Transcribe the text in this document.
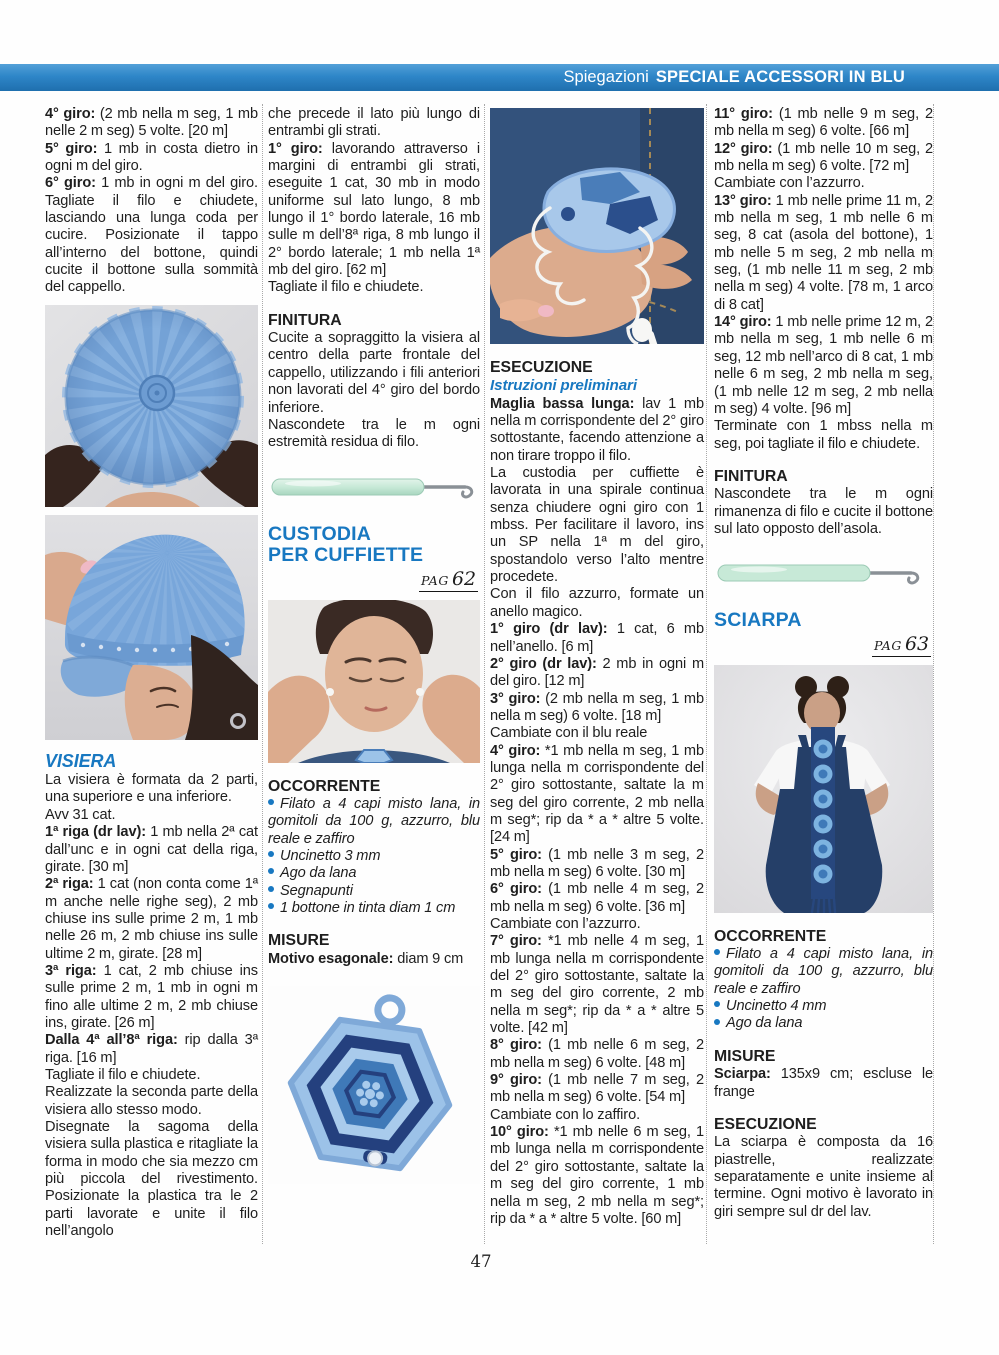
Spiegazioni SPECIALE ACCESSORI IN BLU

4° giro: (2 mb nella m seg, 1 mb nelle 2 m seg) 5 volte. [20 m]

5° giro: 1 mb in costa dietro in ogni m del giro.

6° giro: 1 mb in ogni m del giro. Tagliate il filo e chiudete, lasciando una lunga coda per cucire. Posizionate il tappo all’interno del bottone, quindi cucite il bottone sulla sommità del cappello.

VISIERA

La visiera è formata da 2 parti, una superiore e una inferiore.

Avv 31 cat.

1ª riga (dr lav): 1 mb nella 2ª cat dall’unc e in ogni cat della riga, girate. [30 m]

2ª riga: 1 cat (non conta come 1ª m anche nelle righe seg), 2 mb chiuse ins sulle prime 2 m, 1 mb nelle 26 m, 2 mb chiuse ins sulle ultime 2 m, girate. [28 m]

3ª riga: 1 cat, 2 mb chiuse ins sulle prime 2 m, 1 mb in ogni m fino alle ultime 2 m, 2 mb chiuse ins, girate. [26 m]

Dalla 4ª all’8ª riga: rip dalla 3ª riga. [16 m]

Tagliate il filo e chiudete.

Realizzate la seconda parte della visiera allo stesso modo.

Disegnate la sagoma della visiera sulla plastica e ritagliate la forma in modo che sia mezzo cm più piccola del rivestimento. Posizionate la plastica tra le 2 parti lavorate e unite il filo nell’angolo

che precede il lato più lungo di entrambi gli strati.

1° giro: lavorando attraverso i margini di entrambi gli strati, eseguite 1 cat, 30 mb in modo uniforme sul lato lungo, 8 mb lungo il 1° bordo laterale, 16 mb sulle m dell’8ª riga, 8 mb lungo il 2° bordo laterale; 1 mb nella 1ª mb del giro. [62 m]

Tagliate il filo e chiudete.

FINITURA

Cucite a sopraggitto la visiera al centro della parte frontale del cappello, utilizzando i fili anteriori non lavorati del 4° giro del bordo inferiore.

Nascondete tra le m ogni estremità residua di filo.

CUSTODIA
PER CUFFIETTE
PAG 62
OCCORRENTE
Filato a 4 capi misto lana, in gomitoli da 100 g, azzurro, blu reale e zaffiro
Uncinetto 3 mm
Ago da lana
Segnapunti
1 bottone in tinta diam 1 cm
MISURE

Motivo esagonale: diam 9 cm

ESECUZIONE
Istruzioni preliminari

Maglia bassa lunga: lav 1 mb nella m corrispondente del 2° giro sottostante, facendo attenzione a non tirare troppo il filo.

La custodia per cuffiette è lavorata in una spirale continua senza chiudere ogni giro con 1 mbss. Per facilitare il lavoro, ins un SP nella 1ª m del giro, spostandolo verso l’alto mentre procedete.

Con il filo azzurro, formate un anello magico.

1° giro (dr lav): 1 cat, 6 mb nell’anello. [6 m]

2° giro (dr lav): 2 mb in ogni m del giro. [12 m]

3° giro: (2 mb nella m seg, 1 mb nella m seg) 6 volte. [18 m]

Cambiate con il blu reale

4° giro: *1 mb nella m seg, 1 mb lunga nella m corrispondente del 2° giro sottostante, saltate la m seg del giro corrente, 2 mb nella m seg*; rip da * a * altre 5 volte. [24 m]

5° giro: (1 mb nelle 3 m seg, 2 mb nella m seg) 6 volte. [30 m]

6° giro: (1 mb nelle 4 m seg, 2 mb nella m seg) 6 volte. [36 m]

Cambiate con l’azzurro.

7° giro: *1 mb nelle 4 m seg, 1 mb lunga nella m corrispondente del 2° giro sottostante, saltate la m seg del giro corrente, 2 mb nella m seg*; rip da * a * altre 5 volte. [42 m]

8° giro: (1 mb nelle 6 m seg, 2 mb nella m seg) 6 volte. [48 m]

9° giro: (1 mb nelle 7 m seg, 2 mb nella m seg) 6 volte. [54 m]

Cambiate con lo zaffiro.

10° giro: *1 mb nelle 6 m seg, 1 mb lunga nella m corrispondente del 2° giro sottostante, saltate la m seg del giro corrente, 1 mb nella m seg, 2 mb nella m seg*; rip da * a * altre 5 volte. [60 m]

11° giro: (1 mb nelle 9 m seg, 2 mb nella m seg) 6 volte. [66 m]

12° giro: (1 mb nelle 10 m seg, 2 mb nella m seg) 6 volte. [72 m]

Cambiate con l’azzurro.

13° giro: 1 mb nelle prime 11 m, 2 mb nella m seg, 1 mb nelle 6 m seg, 8 cat (asola del bottone), 1 mb nelle 5 m seg, 2 mb nella m seg, (1 mb nelle 11 m seg, 2 mb nella m seg) 4 volte. [78 m, 1 arco di 8 cat]

14° giro: 1 mb nelle prime 12 m, 2 mb nella m seg, 1 mb nelle 6 m seg, 12 mb nell’arco di 8 cat, 1 mb nelle 6 m seg, 2 mb nella m seg, (1 mb nelle 12 m seg, 2 mb nella m seg) 4 volte. [96 m]

Terminate con 1 mbss nella m seg, poi tagliate il filo e chiudete.

FINITURA

Nascondete tra le m ogni rimanenza di filo e cucite il bottone sul lato opposto dell’asola.

SCIARPA
PAG 63
OCCORRENTE
Filato a 4 capi misto lana, in gomitoli da 100 g, azzurro, blu reale e zaffiro
Uncinetto 4 mm
Ago da lana
MISURE

Sciarpa: 135x9 cm; escluse le frange

ESECUZIONE

La sciarpa è composta da 16 piastrelle, realizzate separatamente e unite insieme al termine. Ogni motivo è lavorato in giri sempre sul dr del lav.

47
